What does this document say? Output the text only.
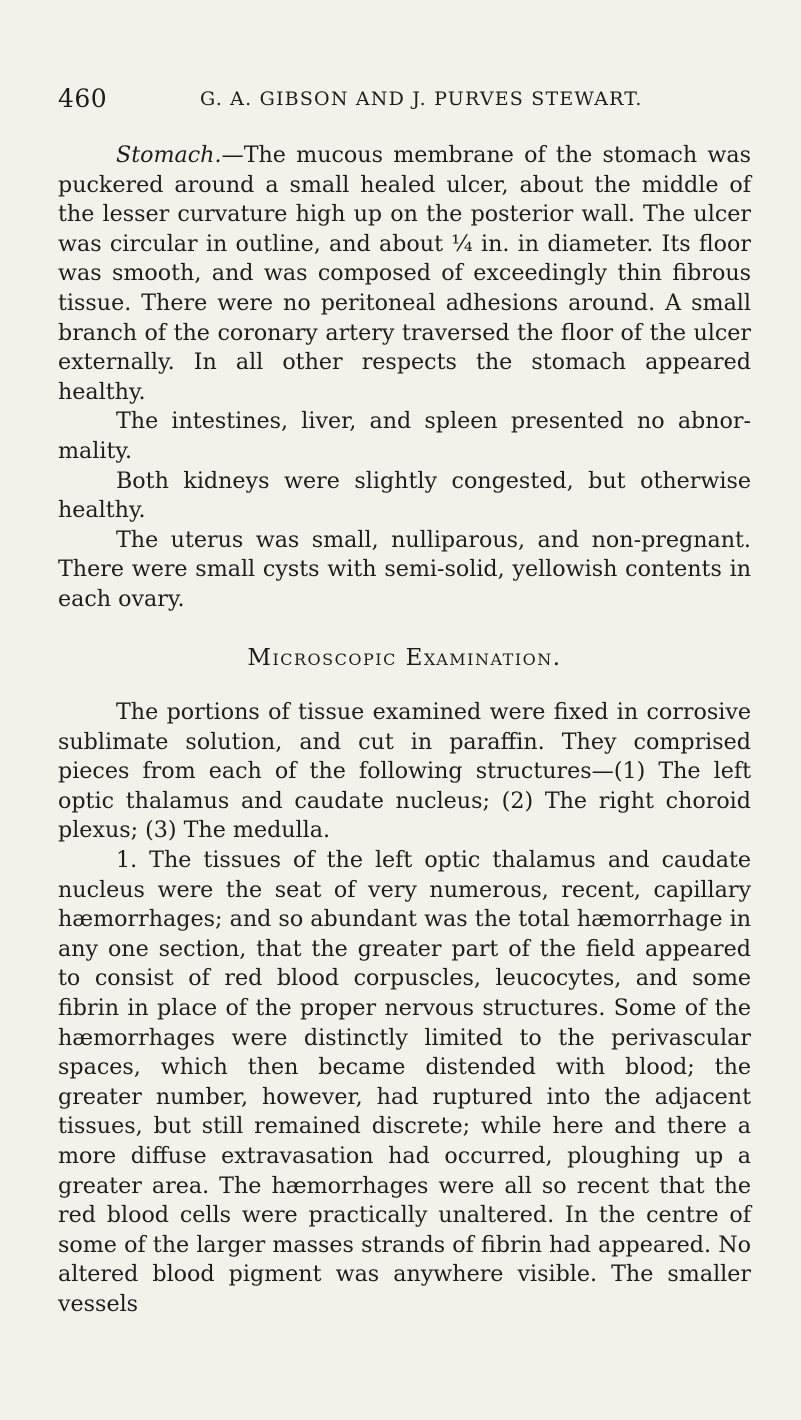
460	G. A. GIBSON AND J. PURVES STEWART.

Stomach.—The mucous membrane of the stomach was puckered around a small healed ulcer, about the middle of the lesser curvature high up on the posterior wall. The ulcer was circular in outline, and about ¼ in. in diameter. Its floor was smooth, and was composed of exceedingly thin fibrous tissue. There were no peritoneal adhesions around. A small branch of the coronary artery traversed the floor of the ulcer externally. In all other respects the stomach appeared healthy.

The intestines, liver, and spleen presented no abnor-mality.

Both kidneys were slightly congested, but otherwise healthy.

The uterus was small, nulliparous, and non-pregnant. There were small cysts with semi-solid, yellowish contents in each ovary.

Microscopic Examination.

The portions of tissue examined were fixed in corrosive sublimate solution, and cut in paraffin. They comprised pieces from each of the following structures—(1) The left optic thalamus and caudate nucleus; (2) The right choroid plexus; (3) The medulla.

1. The tissues of the left optic thalamus and caudate nucleus were the seat of very numerous, recent, capillary hæmorrhages; and so abundant was the total hæmorrhage in any one section, that the greater part of the field appeared to consist of red blood corpuscles, leucocytes, and some fibrin in place of the proper nervous structures. Some of the hæmorrhages were distinctly limited to the perivascular spaces, which then became distended with blood; the greater number, however, had ruptured into the adjacent tissues, but still remained discrete; while here and there a more diffuse extravasation had occurred, ploughing up a greater area. The hæmorrhages were all so recent that the red blood cells were practically unaltered. In the centre of some of the larger masses strands of fibrin had appeared. No altered blood pigment was anywhere visible. The smaller vessels
